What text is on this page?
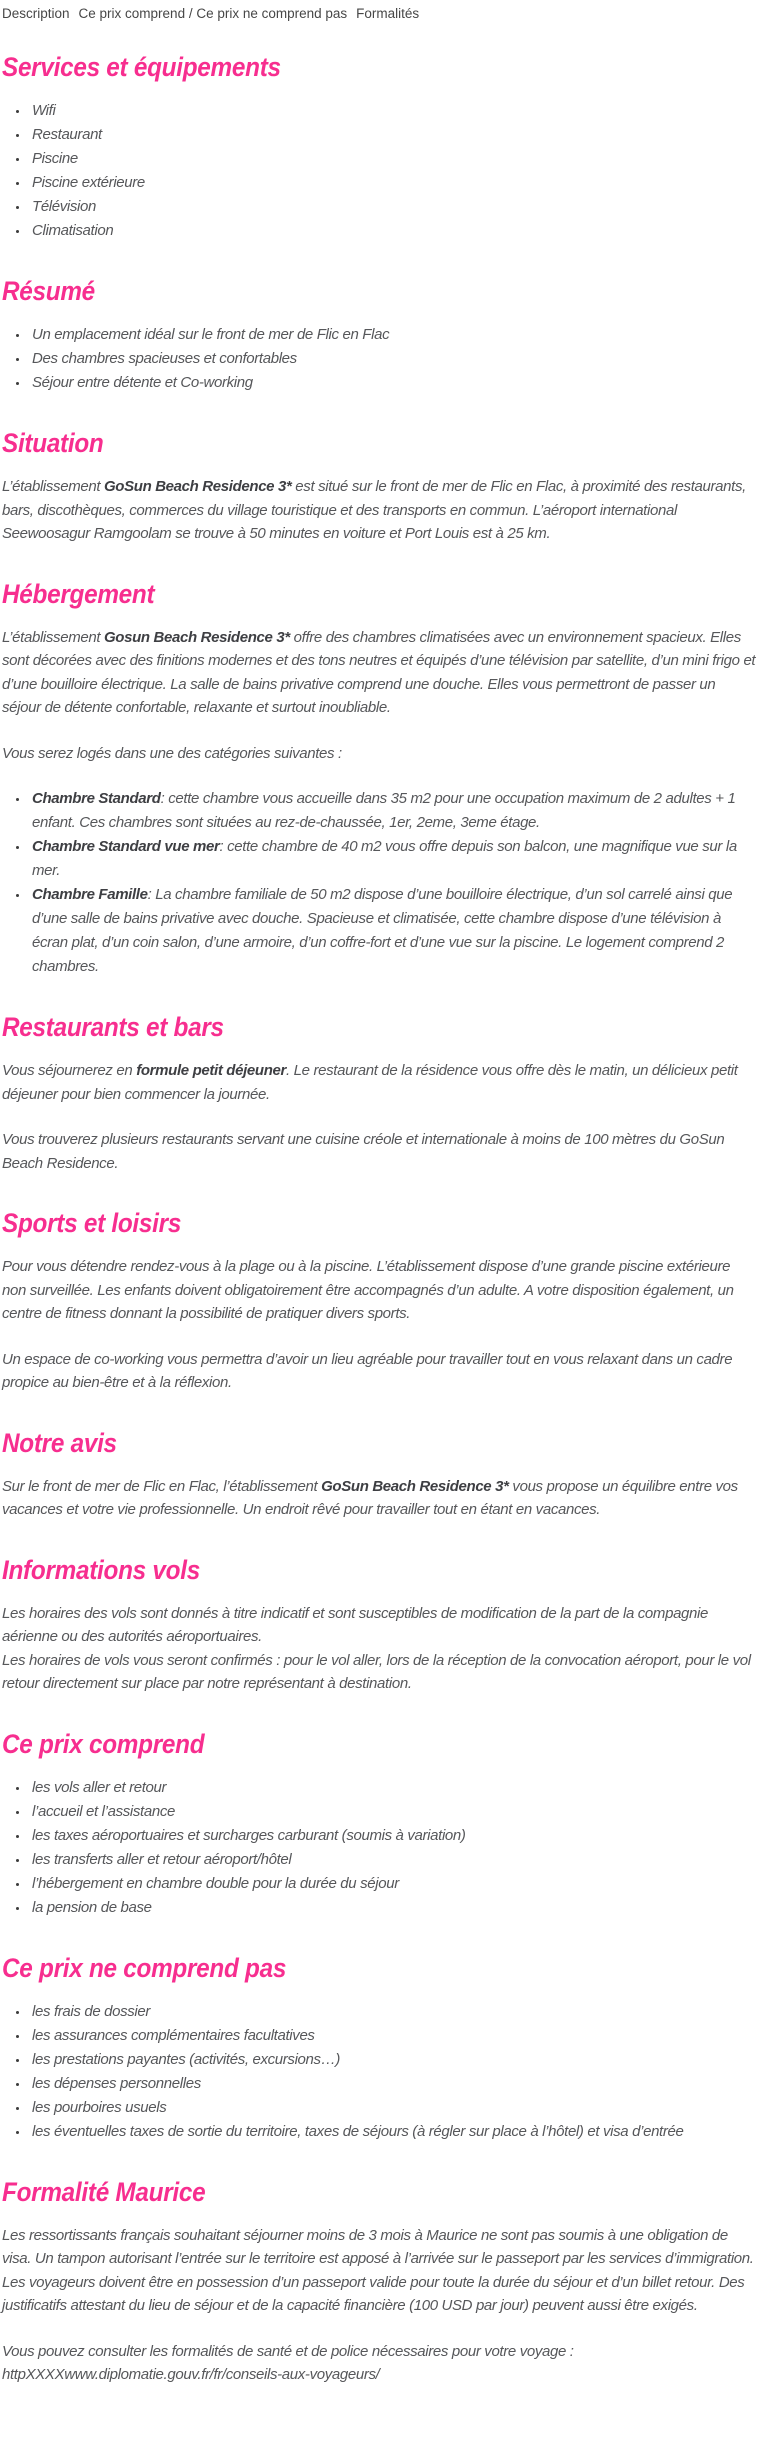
Description Ce prix comprend / Ce prix ne comprend pas Formalités
Services et équipements
• Wifi
• Restaurant
• Piscine
• Piscine extérieure
• Télévision
• Climatisation
Résumé
• Un emplacement idéal sur le front de mer de Flic en Flac
• Des chambres spacieuses et confortables
• Séjour entre détente et Co-working
Situation

L’établissement GoSun Beach Residence 3* est situé sur le front de mer de Flic en Flac, à proximité des restaurants, bars, discothèques, commerces du village touristique et des transports en commun. L’aéroport international Seewoosagur Ramgoolam se trouve à 50 minutes en voiture et Port Louis est à 25 km.

Hébergement

L’établissement Gosun Beach Residence 3* offre des chambres climatisées avec un environnement spacieux. Elles sont décorées avec des finitions modernes et des tons neutres et équipés d’une télévision par satellite, d’un mini frigo et d’une bouilloire électrique. La salle de bains privative comprend une douche. Elles vous permettront de passer un séjour de détente confortable, relaxante et surtout inoubliable.

Vous serez logés dans une des catégories suivantes :

• Chambre Standard: cette chambre vous accueille dans 35 m2 pour une occupation maximum de 2 adultes + 1 enfant. Ces chambres sont situées au rez-de-chaussée, 1er, 2eme, 3eme étage.
• Chambre Standard vue mer: cette chambre de 40 m2 vous offre depuis son balcon, une magnifique vue sur la mer.
• Chambre Famille: La chambre familiale de 50 m2 dispose d’une bouilloire électrique, d’un sol carrelé ainsi que d’une salle de bains privative avec douche. Spacieuse et climatisée, cette chambre dispose d’une télévision à écran plat, d’un coin salon, d’une armoire, d’un coffre-fort et d’une vue sur la piscine. Le logement comprend 2 chambres.
Restaurants et bars

Vous séjournerez en formule petit déjeuner. Le restaurant de la résidence vous offre dès le matin, un délicieux petit déjeuner pour bien commencer la journée.

Vous trouverez plusieurs restaurants servant une cuisine créole et internationale à moins de 100 mètres du GoSun Beach Residence.

Sports et loisirs

Pour vous détendre rendez-vous à la plage ou à la piscine. L’établissement dispose d’une grande piscine extérieure non surveillée. Les enfants doivent obligatoirement être accompagnés d’un adulte. A votre disposition également, un centre de fitness donnant la possibilité de pratiquer divers sports.

Un espace de co-working vous permettra d’avoir un lieu agréable pour travailler tout en vous relaxant dans un cadre propice au bien-être et à la réflexion.

Notre avis

Sur le front de mer de Flic en Flac, l’établissement GoSun Beach Residence 3* vous propose un équilibre entre vos vacances et votre vie professionnelle. Un endroit rêvé pour travailler tout en étant en vacances.

Informations vols

Les horaires des vols sont donnés à titre indicatif et sont susceptibles de modification de la part de la compagnie aérienne ou des autorités aéroportuaires.

Les horaires de vols vous seront confirmés : pour le vol aller, lors de la réception de la convocation aéroport, pour le vol retour directement sur place par notre représentant à destination.

Ce prix comprend
• les vols aller et retour
• l’accueil et l’assistance
• les taxes aéroportuaires et surcharges carburant (soumis à variation)
• les transferts aller et retour aéroport/hôtel
• l’hébergement en chambre double pour la durée du séjour
• la pension de base
Ce prix ne comprend pas
• les frais de dossier
• les assurances complémentaires facultatives
• les prestations payantes (activités, excursions…)
• les dépenses personnelles
• les pourboires usuels
• les éventuelles taxes de sortie du territoire, taxes de séjours (à régler sur place à l’hôtel) et visa d’entrée
Formalité Maurice

Les ressortissants français souhaitant séjourner moins de 3 mois à Maurice ne sont pas soumis à une obligation de visa. Un tampon autorisant l’entrée sur le territoire est apposé à l’arrivée sur le passeport par les services d’immigration. Les voyageurs doivent être en possession d’un passeport valide pour toute la durée du séjour et d’un billet retour. Des justificatifs attestant du lieu de séjour et de la capacité financière (100 USD par jour) peuvent aussi être exigés.

Vous pouvez consulter les formalités de santé et de police nécessaires pour votre voyage :

httpXXXXwww.diplomatie.gouv.fr/fr/conseils-aux-voyageurs/
